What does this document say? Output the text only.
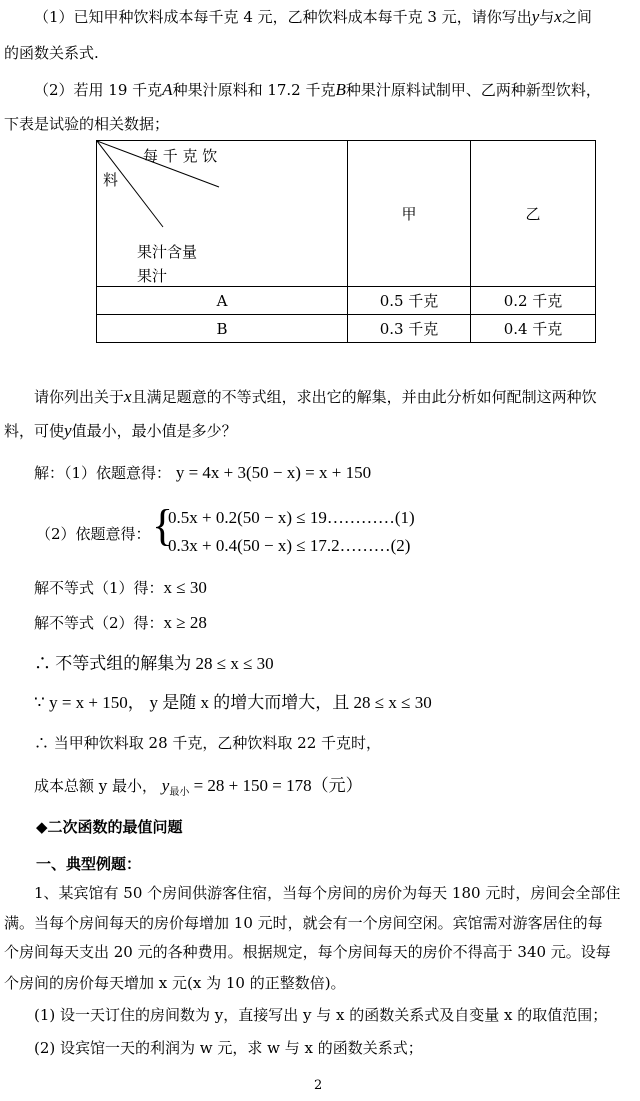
（1）已知甲种饮料成本每千克 4 元，乙种饮料成本每千克 3 元，请你写出y与x之间
的函数关系式.
（2）若用 19 千克A种果汁原料和 17.2 千克B种果汁原料试制甲、乙两种新型饮料，
下表是试验的相关数据；
每 千 克 饮
料
果汁含量
果汁	甲	乙
A	0.5 千克	0.2 千克
B	0.3 千克	0.4 千克
请你列出关于x且满足题意的不等式组，求出它的解集，并由此分析如何配制这两种饮
料，可使y值最小，最小值是多少？
解：（1）依题意得： y = 4x + 3(50 − x) = x + 150
（2）依题意得： {
0.5x + 0.2(50 − x) ≤ 19…………(1)
0.3x + 0.4(50 − x) ≤ 17.2………(2)
解不等式（1）得：x ≤ 30
解不等式（2）得：x ≥ 28
∴ 不等式组的解集为 28 ≤ x ≤ 30
∵ y = x + 150， y 是随 x 的增大而增大，且 28 ≤ x ≤ 30
∴ 当甲种饮料取 28 千克，乙种饮料取 22 千克时，
成本总额 y 最小， $y_{最小} = 28 + 150 = 178$（元）
◆二次函数的最值问题
一、典型例题：
1、某宾馆有 50 个房间供游客住宿，当每个房间的房价为每天 180 元时，房间会全部住
满。当每个房间每天的房价每增加 10 元时，就会有一个房间空闲。宾馆需对游客居住的每
个房间每天支出 20 元的各种费用。根据规定，每个房间每天的房价不得高于 340 元。设每
个房间的房价每天增加 x 元(x 为 10 的正整数倍)。
(1) 设一天订住的房间数为 y，直接写出 y 与 x 的函数关系式及自变量 x 的取值范围；
(2) 设宾馆一天的利润为 w 元，求 w 与 x 的函数关系式；
2
